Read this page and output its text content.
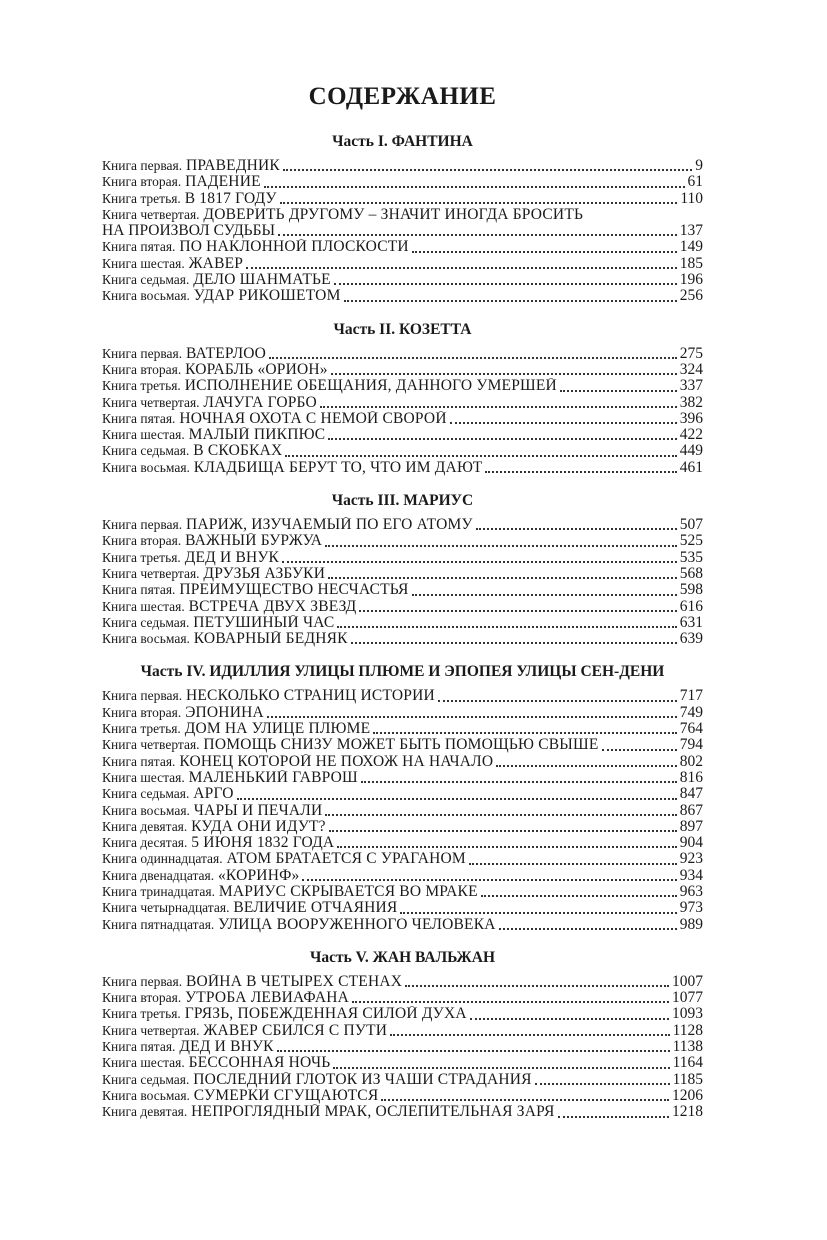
СОДЕРЖАНИЕ
Часть I. ФАНТИНА
Книга первая. ПРАВЕДНИК	9
Книга вторая. ПАДЕНИЕ	61
Книга третья. В 1817 ГОДУ	110
Книга четвертая. ДОВЕРИТЬ ДРУГОМУ – ЗНАЧИТ ИНОГДА БРОСИТЬ
НА ПРОИЗВОЛ СУДЬБЫ	137
Книга пятая. ПО НАКЛОННОЙ ПЛОСКОСТИ	149
Книга шестая. ЖАВЕР	185
Книга седьмая. ДЕЛО ШАНМАТЬЕ	196
Книга восьмая. УДАР РИКОШЕТОМ	256
Часть II. КОЗЕТТА
Книга первая. ВАТЕРЛОО	275
Книга вторая. КОРАБЛЬ «ОРИОН»	324
Книга третья. ИСПОЛНЕНИЕ ОБЕЩАНИЯ, ДАННОГО УМЕРШЕЙ	337
Книга четвертая. ЛАЧУГА ГОРБО	382
Книга пятая. НОЧНАЯ ОХОТА С НЕМОЙ СВОРОЙ	396
Книга шестая. МАЛЫЙ ПИКПЮС	422
Книга седьмая. В СКОБКАХ	449
Книга восьмая. КЛАДБИЩА БЕРУТ ТО, ЧТО ИМ ДАЮТ	461
Часть III. МАРИУС
Книга первая. ПАРИЖ, ИЗУЧАЕМЫЙ ПО ЕГО АТОМУ	507
Книга вторая. ВАЖНЫЙ БУРЖУА	525
Книга третья. ДЕД И ВНУК	535
Книга четвертая. ДРУЗЬЯ АЗБУКИ	568
Книга пятая. ПРЕИМУЩЕСТВО НЕСЧАСТЬЯ	598
Книга шестая. ВСТРЕЧА ДВУХ ЗВЕЗД	616
Книга седьмая. ПЕТУШИНЫЙ ЧАС	631
Книга восьмая. КОВАРНЫЙ БЕДНЯК	639
Часть IV. ИДИЛЛИЯ УЛИЦЫ ПЛЮМЕ И ЭПОПЕЯ УЛИЦЫ СЕН-ДЕНИ
Книга первая. НЕСКОЛЬКО СТРАНИЦ ИСТОРИИ	717
Книга вторая. ЭПОНИНА	749
Книга третья. ДОМ НА УЛИЦЕ ПЛЮМЕ	764
Книга четвертая. ПОМОЩЬ СНИЗУ МОЖЕТ БЫТЬ ПОМОЩЬЮ СВЫШЕ	794
Книга пятая. КОНЕЦ КОТОРОЙ НЕ ПОХОЖ НА НАЧАЛО	802
Книга шестая. МАЛЕНЬКИЙ ГАВРОШ	816
Книга седьмая. АРГО	847
Книга восьмая. ЧАРЫ И ПЕЧАЛИ	867
Книга девятая. КУДА ОНИ ИДУТ?	897
Книга десятая. 5 ИЮНЯ 1832 ГОДА	904
Книга одиннадцатая. АТОМ БРАТАЕТСЯ С УРАГАНОМ	923
Книга двенадцатая. «КОРИНФ»	934
Книга тринадцатая. МАРИУС СКРЫВАЕТСЯ ВО МРАКЕ	963
Книга четырнадцатая. ВЕЛИЧИЕ ОТЧАЯНИЯ	973
Книга пятнадцатая. УЛИЦА ВООРУЖЕННОГО ЧЕЛОВЕКА	989
Часть V. ЖАН ВАЛЬЖАН
Книга первая. ВОЙНА В ЧЕТЫРЕХ СТЕНАХ	1007
Книга вторая. УТРОБА ЛЕВИАФАНА	1077
Книга третья. ГРЯЗЬ, ПОБЕЖДЕННАЯ СИЛОЙ ДУХА	1093
Книга четвертая. ЖАВЕР СБИЛСЯ С ПУТИ	1128
Книга пятая. ДЕД И ВНУК	1138
Книга шестая. БЕССОННАЯ НОЧЬ	1164
Книга седьмая. ПОСЛЕДНИЙ ГЛОТОК ИЗ ЧАШИ СТРАДАНИЯ	1185
Книга восьмая. СУМЕРКИ СГУЩАЮТСЯ	1206
Книга девятая. НЕПРОГЛЯДНЫЙ МРАК, ОСЛЕПИТЕЛЬНАЯ ЗАРЯ	1218
